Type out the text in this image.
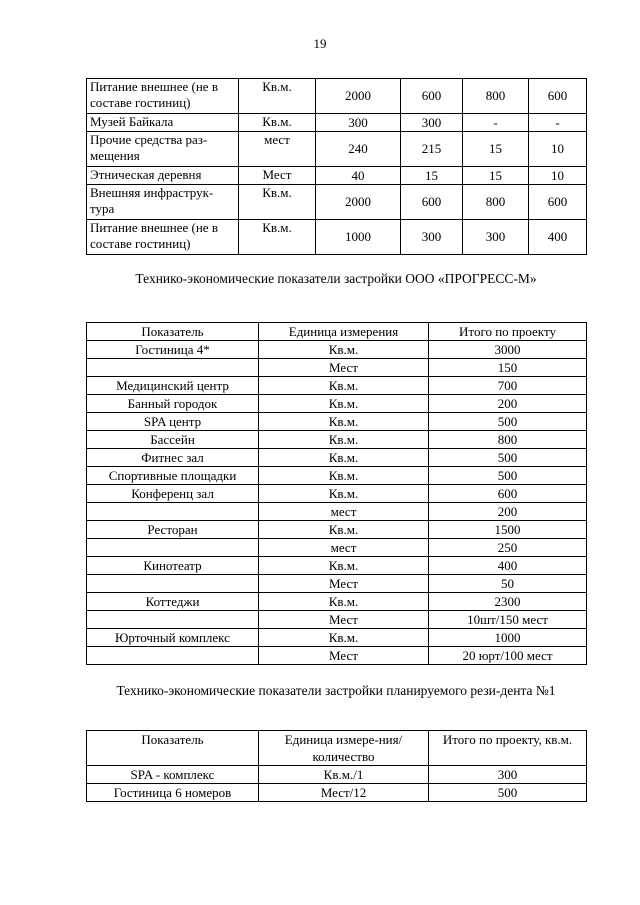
19
Питание внешнее (не в составе гостиниц)	Кв.м.	2000	600	800	600
Музей Байкала	Кв.м.	300	300	-	-
Прочие средства раз-мещения	мест	240	215	15	10
Этническая деревня	Мест	40	15	15	10
Внешняя инфраструк-тура	Кв.м.	2000	600	800	600
Питание внешнее (не в составе гостиниц)	Кв.м.	1000	300	300	400
Технико-экономические показатели застройки ООО «ПРОГРЕСС-М»
Показатель	Единица измерения	Итого по проекту
Гостиница 4*	Кв.м.	3000
	Мест	150
Медицинский центр	Кв.м.	700
Банный городок	Кв.м.	200
SPA центр	Кв.м.	500
Бассейн	Кв.м.	800
Фитнес зал	Кв.м.	500
Спортивные площадки	Кв.м.	500
Конференц зал	Кв.м.	600
	мест	200
Ресторан	Кв.м.	1500
	мест	250
Кинотеатр	Кв.м.	400
	Мест	50
Коттеджи	Кв.м.	2300
	Мест	10шт/150 мест
Юрточный комплекс	Кв.м.	1000
	Мест	20 юрт/100 мест
Технико-экономические показатели застройки планируемого рези-дента №1
Показатель	Единица измере-ния/количество	Итого по проекту, кв.м.
SPA - комплекс	Кв.м./1	300
Гостиница 6 номеров	Мест/12	500
